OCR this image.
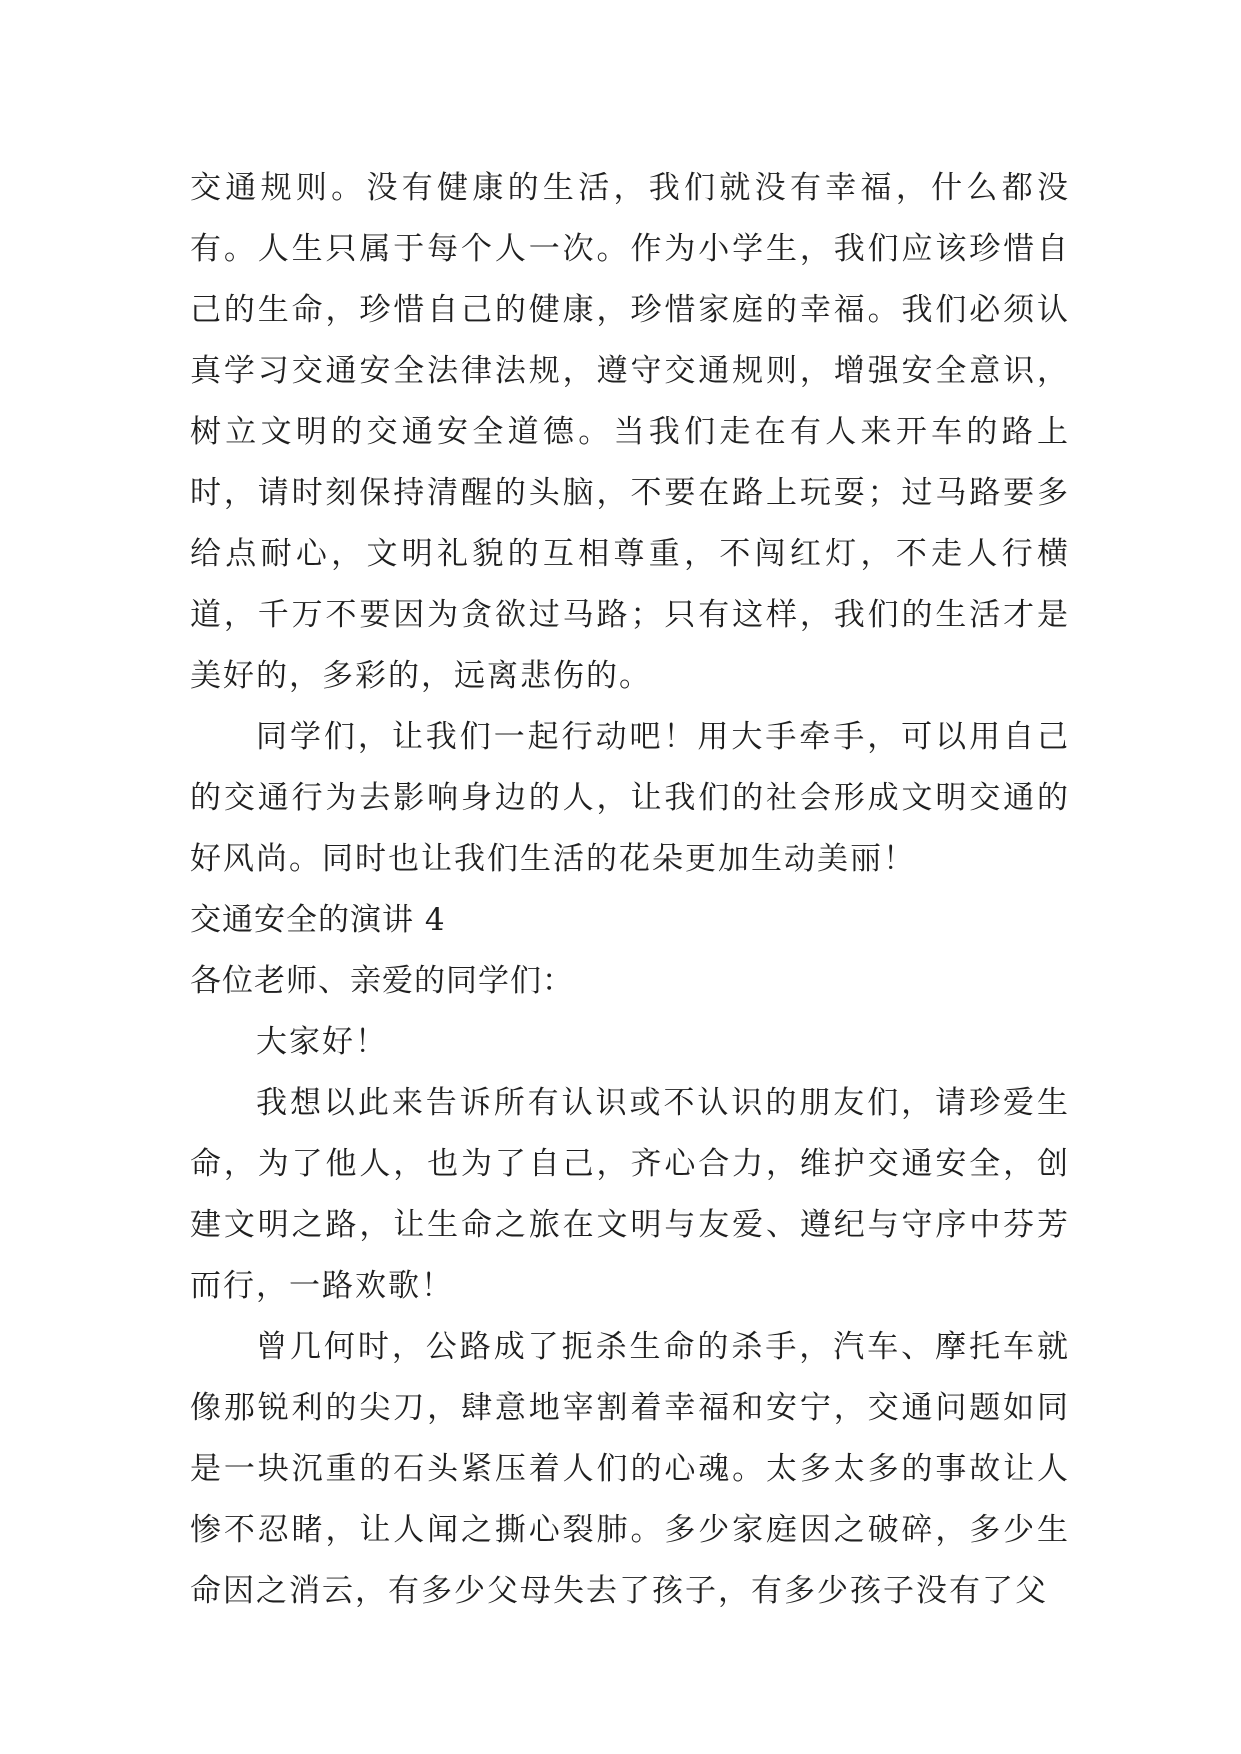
交通规则。没有健康的生活，我们就没有幸福，什么都没有。人生只属于每个人一次。作为小学生，我们应该珍惜自己的生命，珍惜自己的健康，珍惜家庭的幸福。我们必须认真学习交通安全法律法规，遵守交通规则，增强安全意识，树立文明的交通安全道德。当我们走在有人来开车的路上时，请时刻保持清醒的头脑，不要在路上玩耍；过马路要多给点耐心，文明礼貌的互相尊重，不闯红灯，不走人行横道，千万不要因为贪欲过马路；只有这样，我们的生活才是美好的，多彩的，远离悲伤的。

同学们，让我们一起行动吧！用大手牵手，可以用自己的交通行为去影响身边的人，让我们的社会形成文明交通的好风尚。同时也让我们生活的花朵更加生动美丽！

交通安全的演讲 4

各位老师、亲爱的同学们：

大家好！

我想以此来告诉所有认识或不认识的朋友们，请珍爱生命，为了他人，也为了自己，齐心合力，维护交通安全，创建文明之路，让生命之旅在文明与友爱、遵纪与守序中芬芳而行，一路欢歌！

曾几何时，公路成了扼杀生命的杀手，汽车、摩托车就像那锐利的尖刀，肆意地宰割着幸福和安宁，交通问题如同是一块沉重的石头紧压着人们的心魂。太多太多的事故让人惨不忍睹，让人闻之撕心裂肺。多少家庭因之破碎，多少生命因之消云，有多少父母失去了孩子，有多少孩子没有了父
